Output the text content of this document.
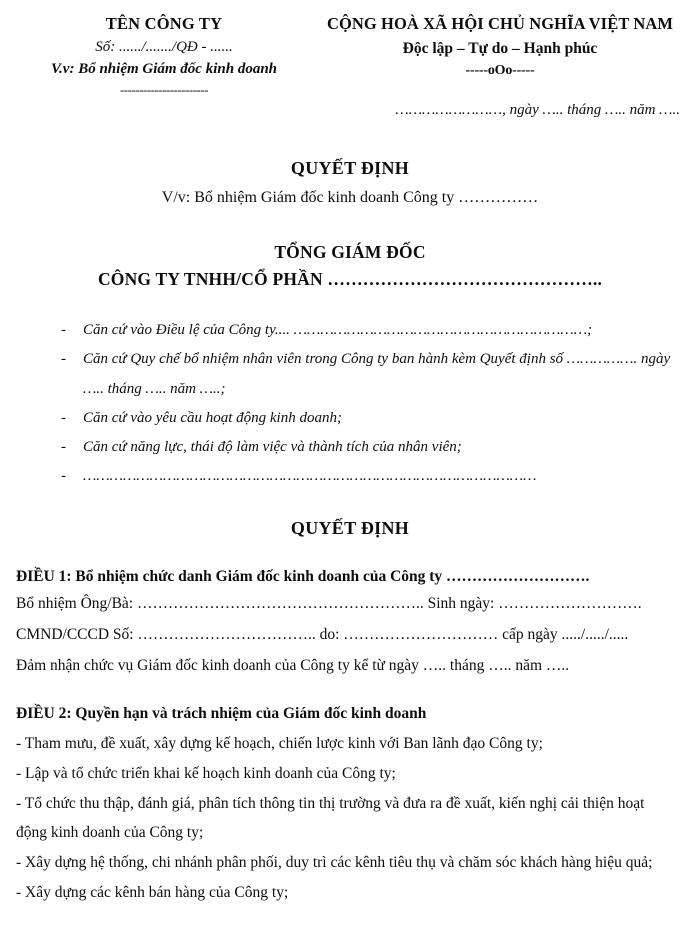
TÊN CÔNG TY
Số: ....../......./QĐ - ......
V.v: Bổ nhiệm Giám đốc kinh doanh
-----------------------
CỘNG HOÀ XÃ HỘI CHỦ NGHĨA VIỆT NAM
Độc lập – Tự do – Hạnh phúc
-----oOo-----
……………………, ngày ….. tháng ….. năm …..
QUYẾT ĐỊNH
V/v: Bổ nhiệm Giám đốc kinh doanh Công ty ……………
TỔNG GIÁM ĐỐC
CÔNG TY TNHH/CỔ PHẦN ………………………………………..
- Căn cứ vào Điều lệ của Công ty.... …………………………………………………………;
- Căn cứ Quy chế bổ nhiệm nhân viên trong Công ty ban hành kèm Quyết định số ……………. ngày ….. tháng ….. năm …..;
- Căn cứ vào yêu cầu hoạt động kinh doanh;
- Căn cứ năng lực, thái độ làm việc và thành tích của nhân viên;
- …………………………………………………………………………………………
QUYẾT ĐỊNH
ĐIỀU 1: Bổ nhiệm chức danh Giám đốc kinh doanh của Công ty ……………………….
Bổ nhiệm Ông/Bà: ……………………………………………….. Sinh ngày: ……………………….
CMND/CCCD Số: …………………………….. do: ………………………… cấp ngày ...../...../.....
Đảm nhận chức vụ Giám đốc kinh doanh của Công ty kể từ ngày ….. tháng ….. năm …..
ĐIỀU 2: Quyền hạn và trách nhiệm của Giám đốc kinh doanh
- Tham mưu, đề xuất, xây dựng kế hoạch, chiến lược kinh với Ban lãnh đạo Công ty;
- Lập và tổ chức triển khai kế hoạch kinh doanh của Công ty;
- Tổ chức thu thập, đánh giá, phân tích thông tin thị trường và đưa ra đề xuất, kiến nghị cải thiện hoạt động kinh doanh của Công ty;
- Xây dựng hệ thống, chi nhánh phân phối, duy trì các kênh tiêu thụ và chăm sóc khách hàng hiệu quả;
- Xây dựng các kênh bán hàng của Công ty;
